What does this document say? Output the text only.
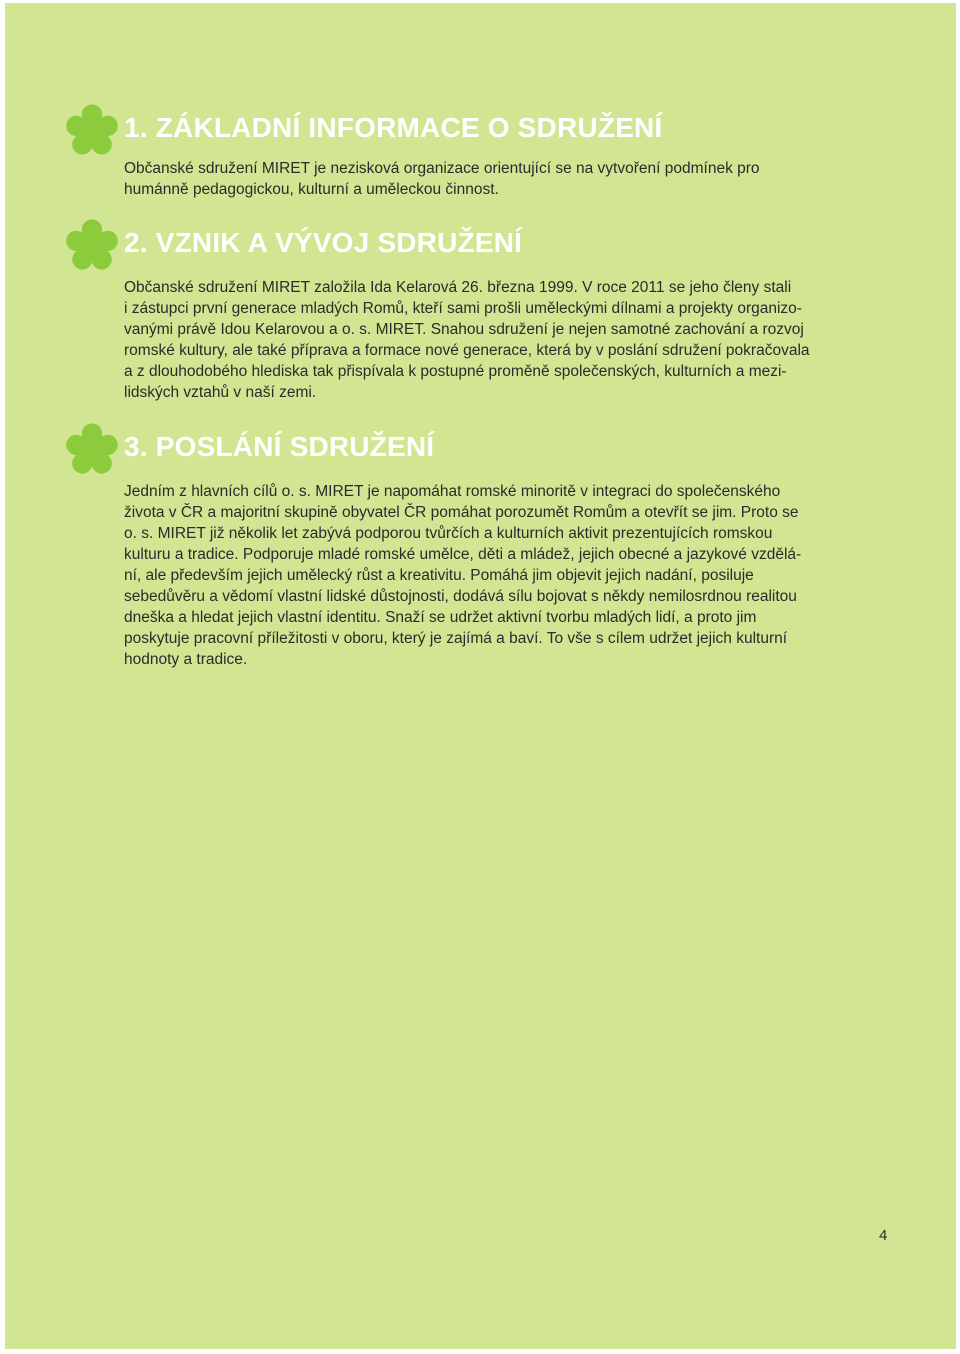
1. ZÁKLADNÍ INFORMACE O SDRUŽENÍ

Občanské sdružení MIRET je nezisková organizace orientující se na vytvoření podmínek pro
humánně pedagogickou, kulturní a uměleckou činnost.

2. VZNIK A VÝVOJ SDRUŽENÍ

Občanské sdružení MIRET založila Ida Kelarová 26. března 1999. V roce 2011 se jeho členy stali
i zástupci první generace mladých Romů, kteří sami prošli uměleckými dílnami a projekty organizo-
vanými právě Idou Kelarovou a o. s. MIRET. Snahou sdružení je nejen samotné zachování a rozvoj
romské kultury, ale také příprava a formace nové generace, která by v poslání sdružení pokračovala
a z dlouhodobého hlediska tak přispívala k postupné proměně společenských, kulturních a mezi-
lidských vztahů v naší zemi.

3. POSLÁNÍ SDRUŽENÍ

Jedním z hlavních cílů o. s. MIRET je napomáhat romské minoritě v integraci do společenského
života v ČR a majoritní skupině obyvatel ČR pomáhat porozumět Romům a otevřít se jim. Proto se
o. s. MIRET již několik let zabývá podporou tvůrčích a kulturních aktivit prezentujících romskou
kulturu a tradice. Podporuje mladé romské umělce, děti a mládež, jejich obecné a jazykové vzdělá-
ní, ale především jejich umělecký růst a kreativitu. Pomáhá jim objevit jejich nadání, posiluje
sebedůvěru a vědomí vlastní lidské důstojnosti, dodává sílu bojovat s někdy nemilosrdnou realitou
dneška a hledat jejich vlastní identitu. Snaží se udržet aktivní tvorbu mladých lidí, a proto jim
poskytuje pracovní příležitosti v oboru, který je zajímá a baví. To vše s cílem udržet jejich kulturní
hodnoty a tradice.

4
